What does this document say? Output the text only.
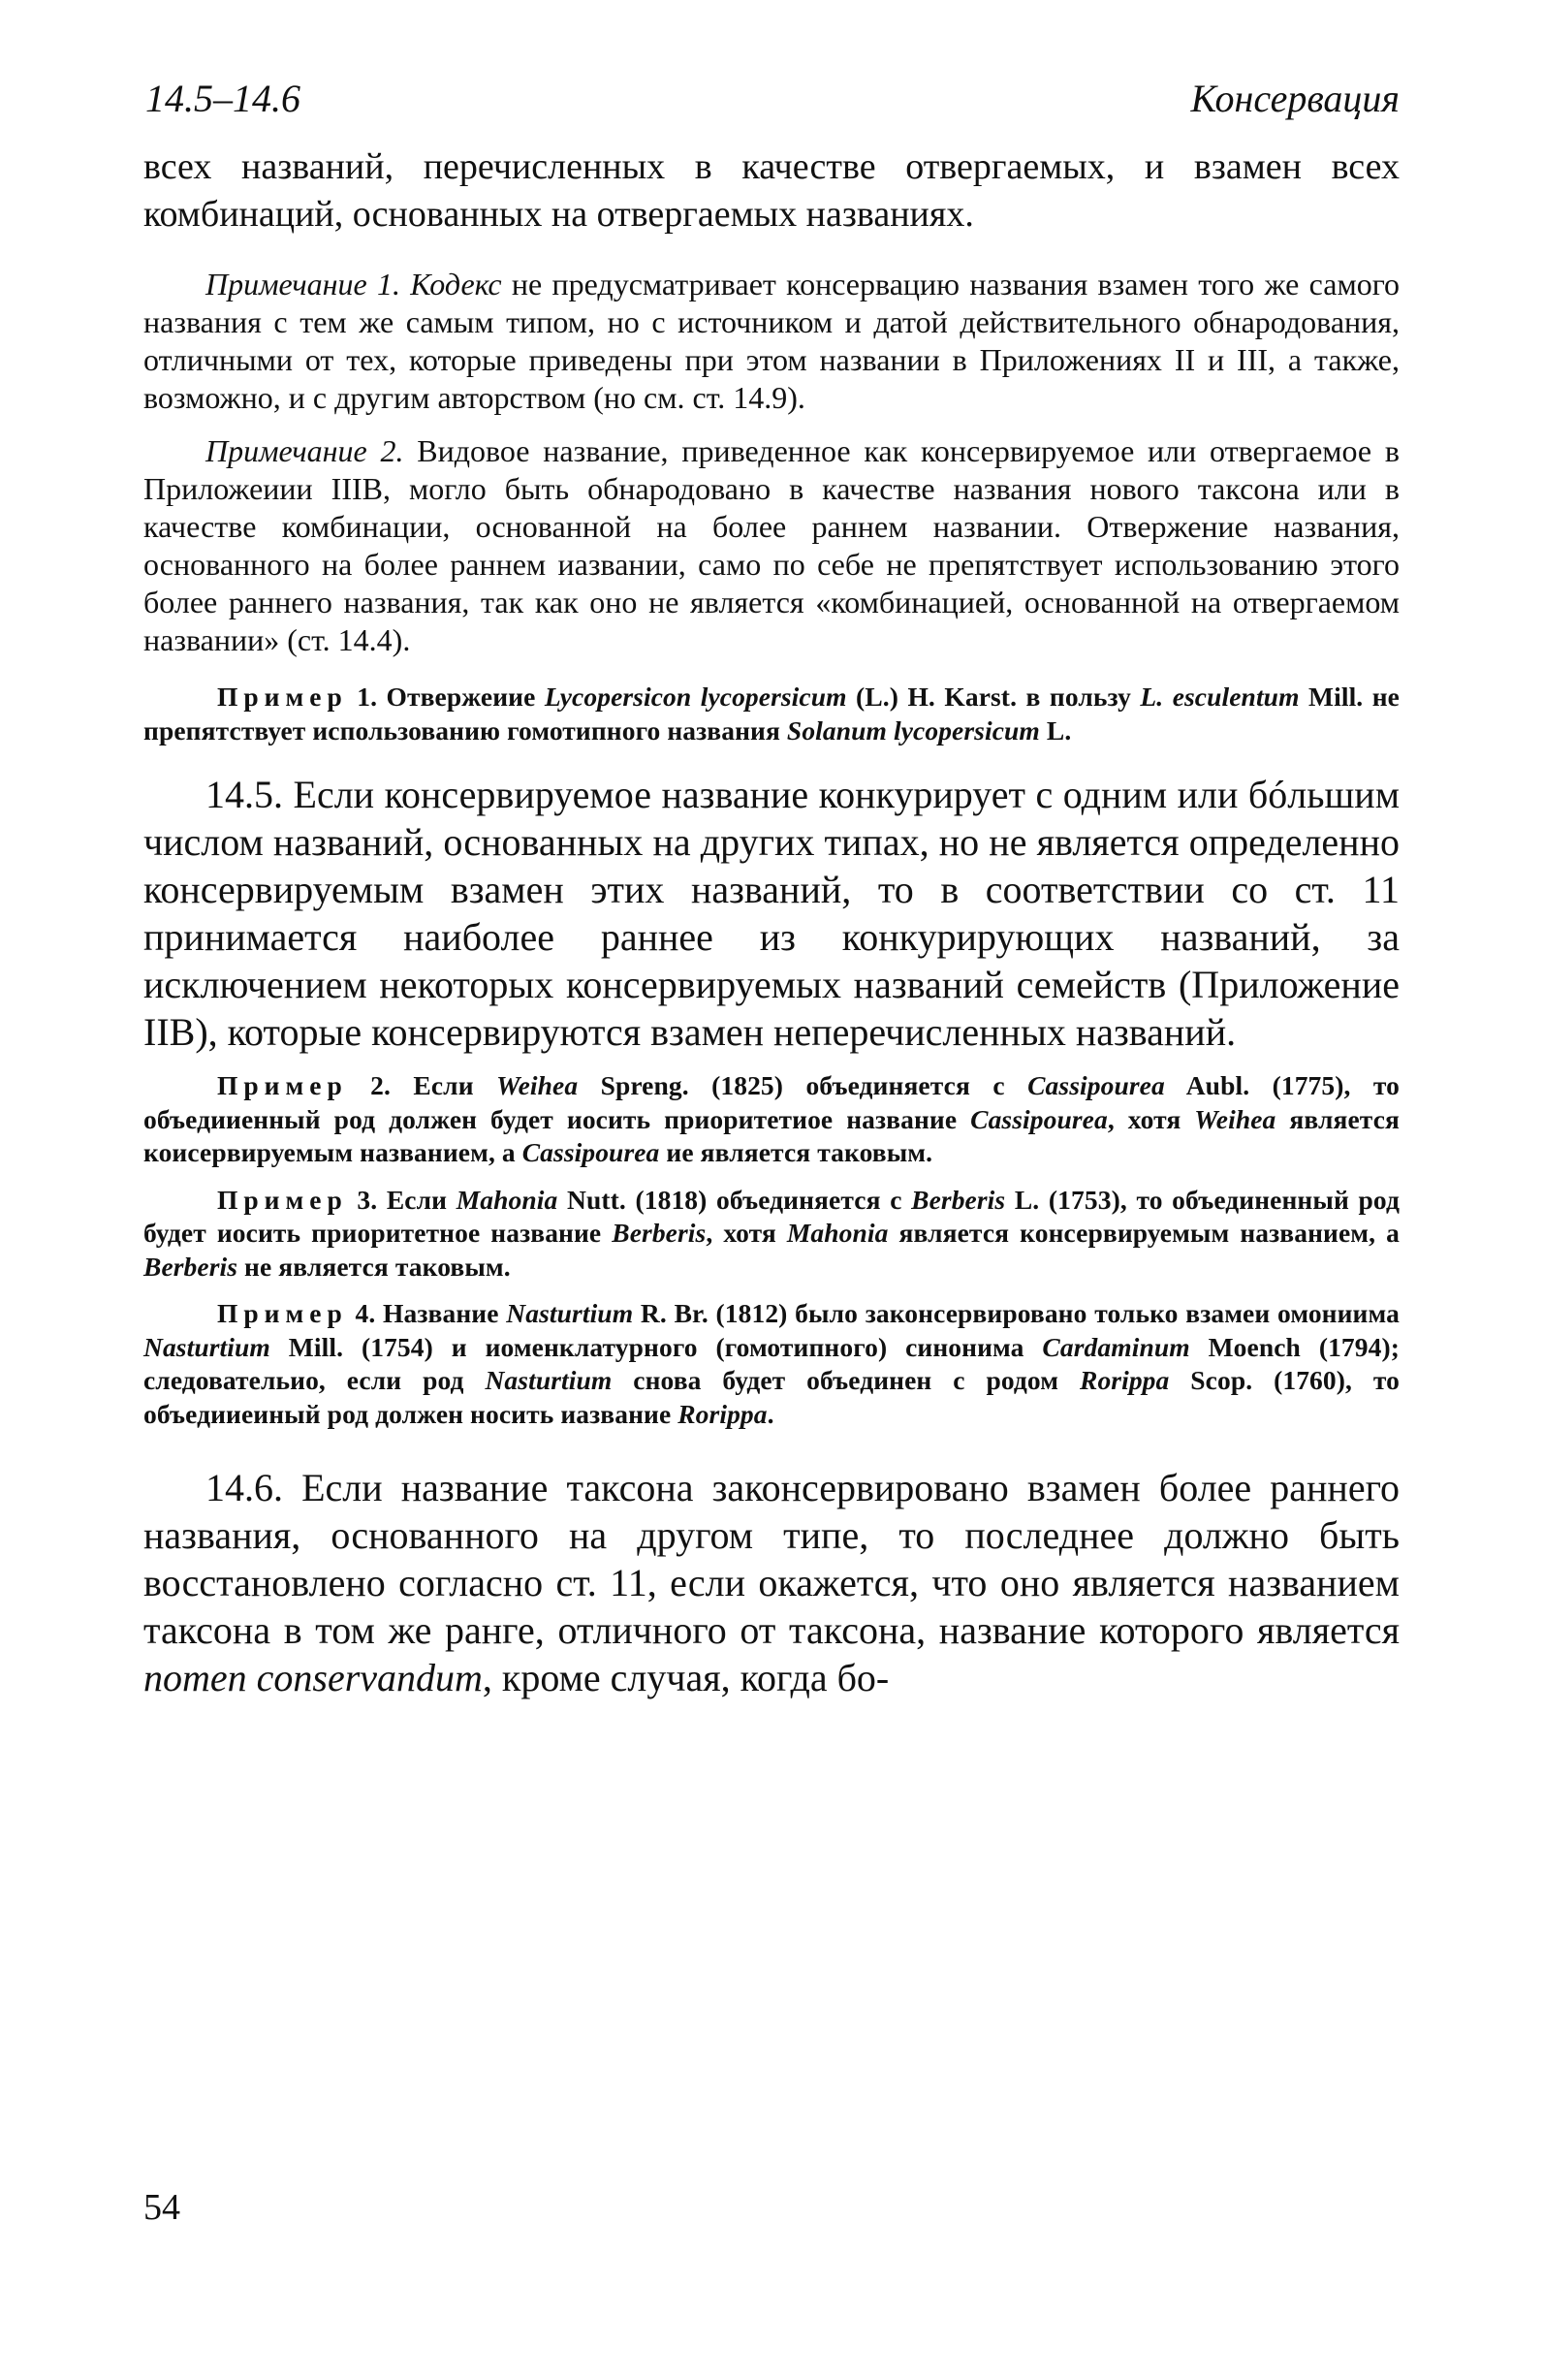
14.5–14.6	Консервация

всех названий, перечисленных в качестве отвергаемых, и взамен всех комбинаций, основанных на отвергаемых названиях.

Примечание 1. Кодекс не предусматривает консервацию названия взамен того же самого названия с тем же самым типом, но с источником и датой действительного обнародования, отличными от тех, которые приведены при этом названии в Приложениях II и III, а также, возможно, и с другим авторством (но см. ст. 14.9).

Примечание 2. Видовое название, приведенное как консервируемое или отвергаемое в Приложеиии IIIB, могло быть обнародовано в качестве названия нового таксона или в качестве комбинации, основанной на более раннем названии. Отвержение названия, основанного на более раннем иазвании, само по себе не препятствует использованию этого более раннего названия, так как оно не является «комбинацией, основанной на отвергаемом названии» (ст. 14.4).

Пример 1. Отвержеиие Lycopersicon lycopersicum (L.) H. Karst. в пользу L. esculentum Mill. не препятствует использованию гомотипного названия Solanum lycopersicum L.

14.5. Если консервируемое название конкурирует с одним или бóльшим числом названий, основанных на других типах, но не является определенно консервируемым взамен этих названий, то в соответствии со ст. 11 принимается наиболее раннее из конкурирующих названий, за исключением некоторых консервируемых названий семейств (Приложение IIB), которые консервируются взамен неперечисленных названий.

Пример 2. Если Weihea Spreng. (1825) объединяется с Cassipourea Aubl. (1775), то объедииенный род должен будет иосить приоритетиое название Cassipourea, хотя Weihea является коисервируемым названием, а Cassipourea ие является таковым.

Пример 3. Если Mahonia Nutt. (1818) объединяется с Berberis L. (1753), то объединенный род будет иосить приоритетное название Berberis, хотя Mahonia является консервируемым названием, а Berberis не является таковым.

Пример 4. Название Nasturtium R. Br. (1812) было законсервировано только взамеи омониима Nasturtium Mill. (1754) и иоменклатурного (гомотипного) синонима Cardaminum Moench (1794); следовательио, если род Nasturtium снова будет объединен с родом Rorippa Scop. (1760), то объедииеиный род должен носить иазвание Rorippa.

14.6. Если название таксона законсервировано взамен более раннего названия, основанного на другом типе, то последнее должно быть восстановлено согласно ст. 11, если окажется, что оно является названием таксона в том же ранге, отличного от таксона, название которого является nomen conservandum, кроме случая, когда бо-

54
